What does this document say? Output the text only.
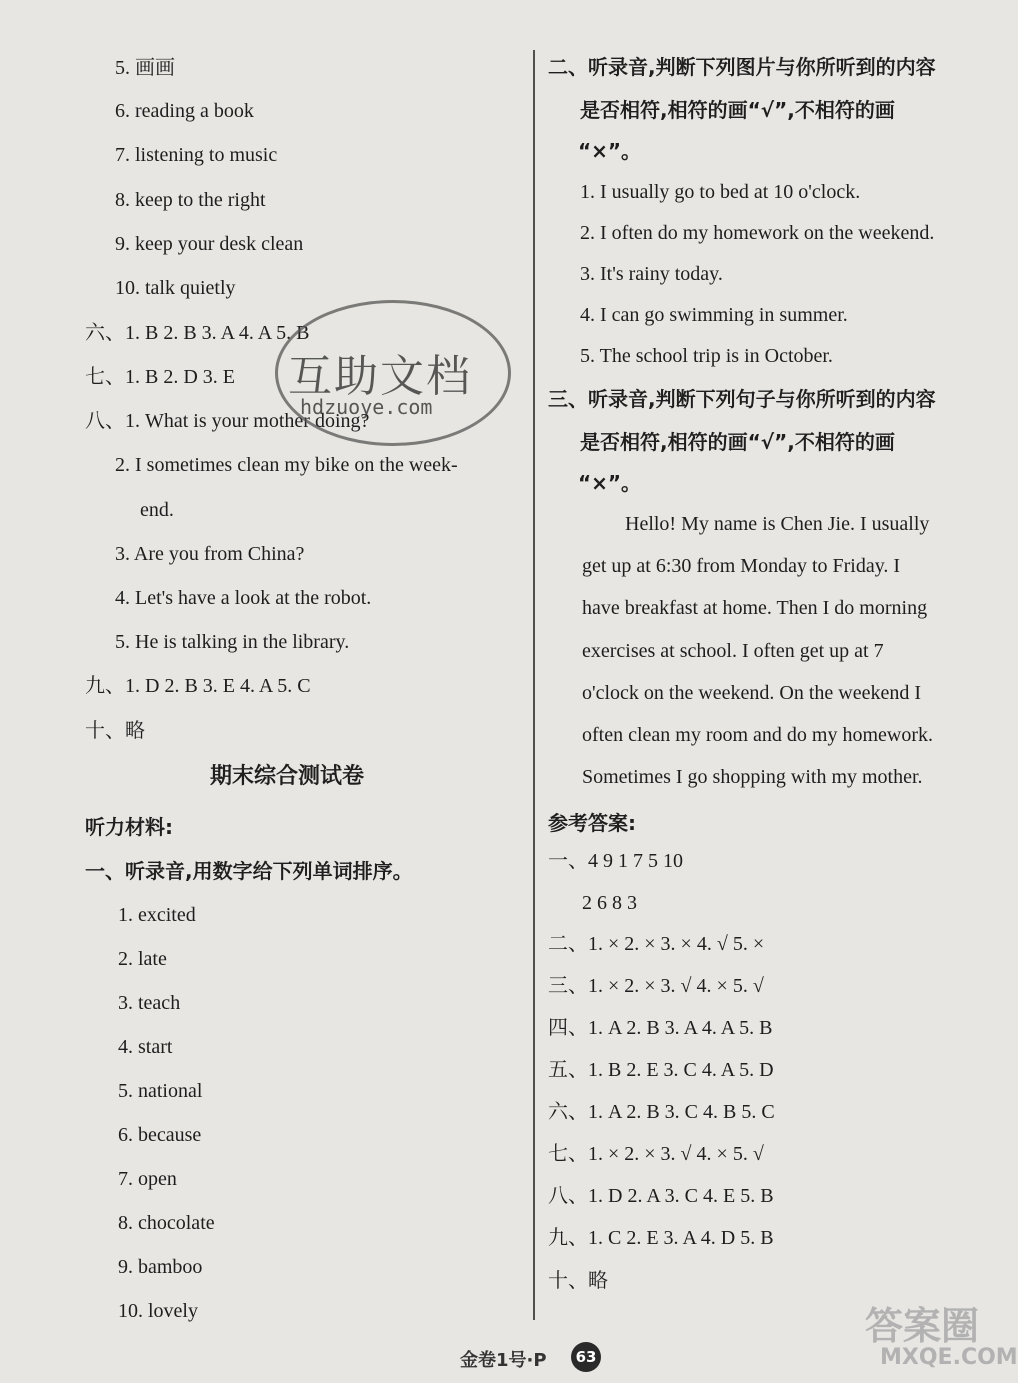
5. 画画
6. reading a book
7. listening to music
8. keep to the right
9. keep your desk clean
10. talk quietly
六、1. B 2. B 3. A 4. A 5. B
七、1. B 2. D 3. E
八、1. What is your mother doing?
2. I sometimes clean my bike on the week-
end.
3. Are you from China?
4. Let's have a look at the robot.
5. He is talking in the library.
九、1. D 2. B 3. E 4. A 5. C
十、略
期末综合测试卷
听力材料:
一、听录音,用数字给下列单词排序。
1. excited
2. late
3. teach
4. start
5. national
6. because
7. open
8. chocolate
9. bamboo
10. lovely
互助文档
hdzuoye.com
二、听录音,判断下列图片与你所听到的内容
是否相符,相符的画“√”,不相符的画
“×”。
1. I usually go to bed at 10 o'clock.
2. I often do my homework on the weekend.
3. It's rainy today.
4. I can go swimming in summer.
5. The school trip is in October.
三、听录音,判断下列句子与你所听到的内容
是否相符,相符的画“√”,不相符的画
“×”。
Hello! My name is Chen Jie. I usually
get up at 6:30 from Monday to Friday. I
have breakfast at home. Then I do morning
exercises at school. I often get up at 7
o'clock on the weekend. On the weekend I
often clean my room and do my homework.
Sometimes I go shopping with my mother.
参考答案:
一、4 9 1 7 5 10
2 6 8 3
二、1. × 2. × 3. × 4. √ 5. ×
三、1. × 2. × 3. √ 4. × 5. √
四、1. A 2. B 3. A 4. A 5. B
五、1. B 2. E 3. C 4. A 5. D
六、1. A 2. B 3. C 4. B 5. C
七、1. × 2. × 3. √ 4. × 5. √
八、1. D 2. A 3. C 4. E 5. B
九、1. C 2. E 3. A 4. D 5. B
十、略
金卷1号·P	63
答案圈
MXQE.COM
